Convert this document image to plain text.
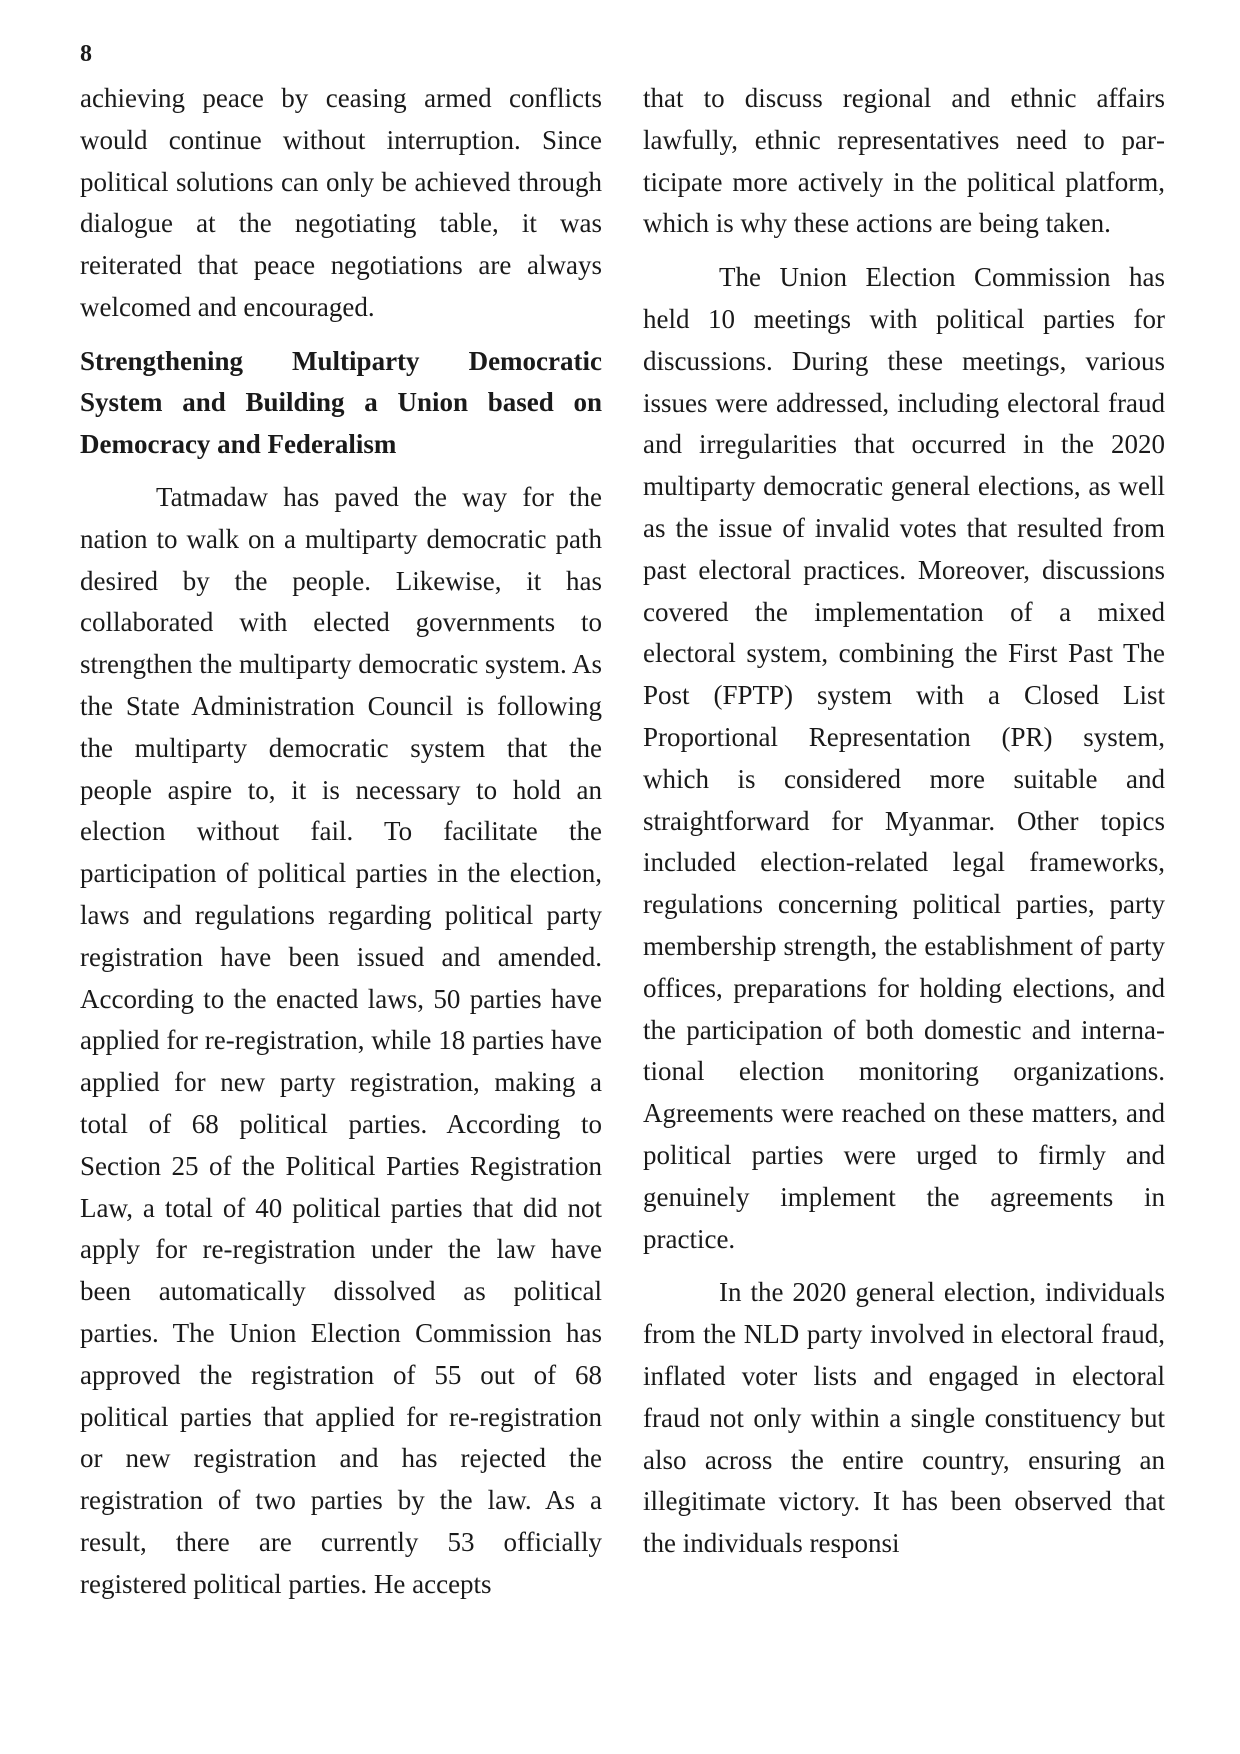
8

achieving peace by ceasing armed conflicts would continue without interruption. Since political solutions can only be achieved through dialogue at the negotiating table, it was reiterated that peace negotiations are always welcomed and encouraged.

Strengthening Multiparty Democratic System and Building a Union based on Democracy and Federalism

Tatmadaw has paved the way for the nation to walk on a multiparty democratic path desired by the people. Likewise, it has collaborated with elected governments to strengthen the multiparty democratic system. As the State Administration Council is following the multiparty democratic system that the people aspire to, it is necessary to hold an election without fail. To facilitate the participation of political parties in the election, laws and regulations regarding political party registration have been issued and amended. According to the enacted laws, 50 parties have applied for re-registration, while 18 parties have applied for new party registration, making a total of 68 political parties. According to Section 25 of the Political Parties Registration Law, a total of 40 political parties that did not apply for re-registration under the law have been automatically dissolved as political parties. The Union Election Commission has approved the registration of 55 out of 68 political parties that applied for re-registration or new registration and has rejected the registration of two parties by the law. As a result, there are currently 53 officially registered political parties. He accepts

that to discuss regional and ethnic affairs lawfully, ethnic representatives need to participate more actively in the political platform, which is why these actions are being taken.

The Union Election Commission has held 10 meetings with political parties for discussions. During these meetings, various issues were addressed, including electoral fraud and irregularities that occurred in the 2020 multiparty democratic general elections, as well as the issue of invalid votes that resulted from past electoral practices. Moreover, discussions covered the implementation of a mixed electoral system, combining the First Past The Post (FPTP) system with a Closed List Proportional Representation (PR) system, which is considered more suitable and straightforward for Myanmar. Other topics included election-related legal frameworks, regulations concerning political parties, party membership strength, the establishment of party offices, preparations for holding elections, and the participation of both domestic and international election monitoring organizations. Agreements were reached on these matters, and political parties were urged to firmly and genuinely implement the agreements in practice.

In the 2020 general election, individuals from the NLD party involved in electoral fraud, inflated voter lists and engaged in electoral fraud not only within a single constituency but also across the entire country, ensuring an illegitimate victory. It has been observed that the individuals responsi
